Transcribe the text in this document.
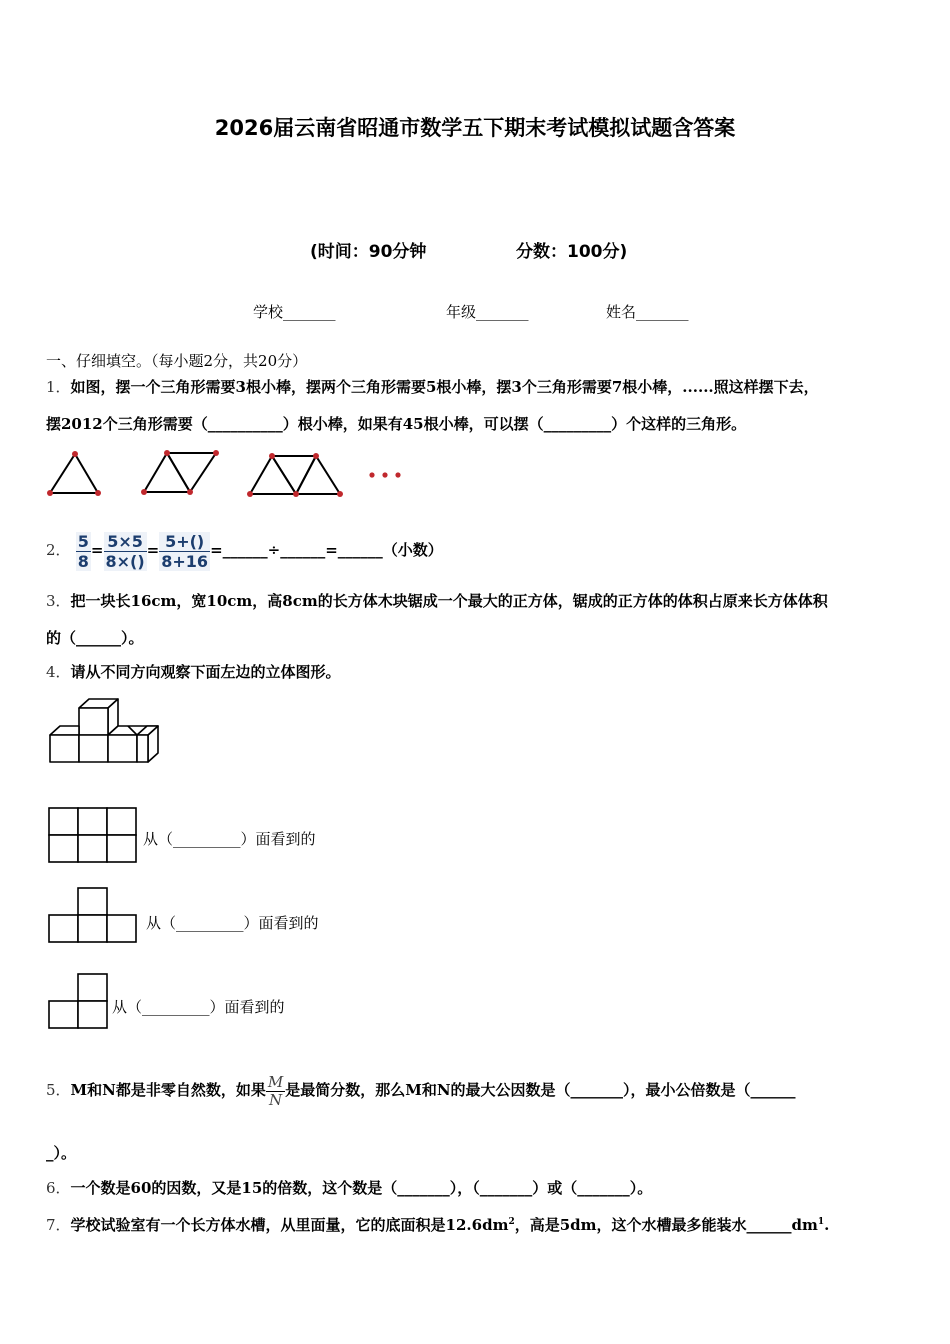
2026届云南省昭通市数学五下期末考试模拟试题含答案
(时间：90分钟	分数：100分)
学校_______	年级_______	姓名_______
一、仔细填空。（每小题2分，共20分）
1．如图，摆一个三角形需要3根小棒，摆两个三角形需要5根小棒，摆3个三角形需要7根小棒，......照这样摆下去，
摆2012个三角形需要（__________）根小棒，如果有45根小棒，可以摆（_________）个这样的三角形。
2． $\frac{5}{8} = \frac{5\times 5}{8\times()} = \frac{5+()}{8+16}$ =______÷______=______（小数）
3．把一块长16cm，宽10cm，高8cm的长方体木块锯成一个最大的正方体，锯成的正方体的体积占原来长方体体积
的（______）。
4．请从不同方向观察下面左边的立体图形。
从（_________）面看到的
从（_________）面看到的
从（_________）面看到的
5．M和N都是非零自然数，如果 $\frac{M}{N}$ 是最简分数，那么M和N的最大公因数是（_______），最小公倍数是（______
_）。
6．一个数是60的因数，又是15的倍数，这个数是（_______），（_______）或（_______）。
7．学校试验室有一个长方体水槽，从里面量，它的底面积是$12.6dm^2$，高是5dm，这个水槽最多能装水$\_\_\_\_\_\_dm^1$.
